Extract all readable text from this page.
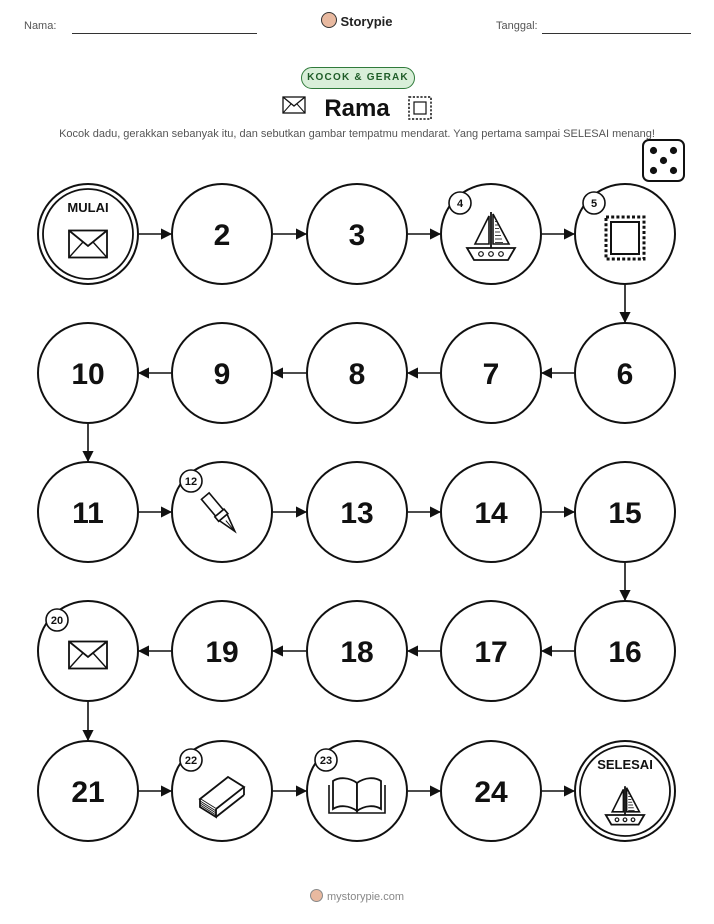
Nama:	Storypie	Tanggal:
KOCOK & GERAK
Rama
Kocok dadu, gerakkan sebanyak itu, dan sebutkan gambar tempatmu mendarat. Yang pertama sampai SELESAI menang!
MULAI
2	3
4	5
6
7
8
9
10
11
12
13	14	15
16
17
18
19
20
21
22	23
24
SELESAI
mystorypie.com
